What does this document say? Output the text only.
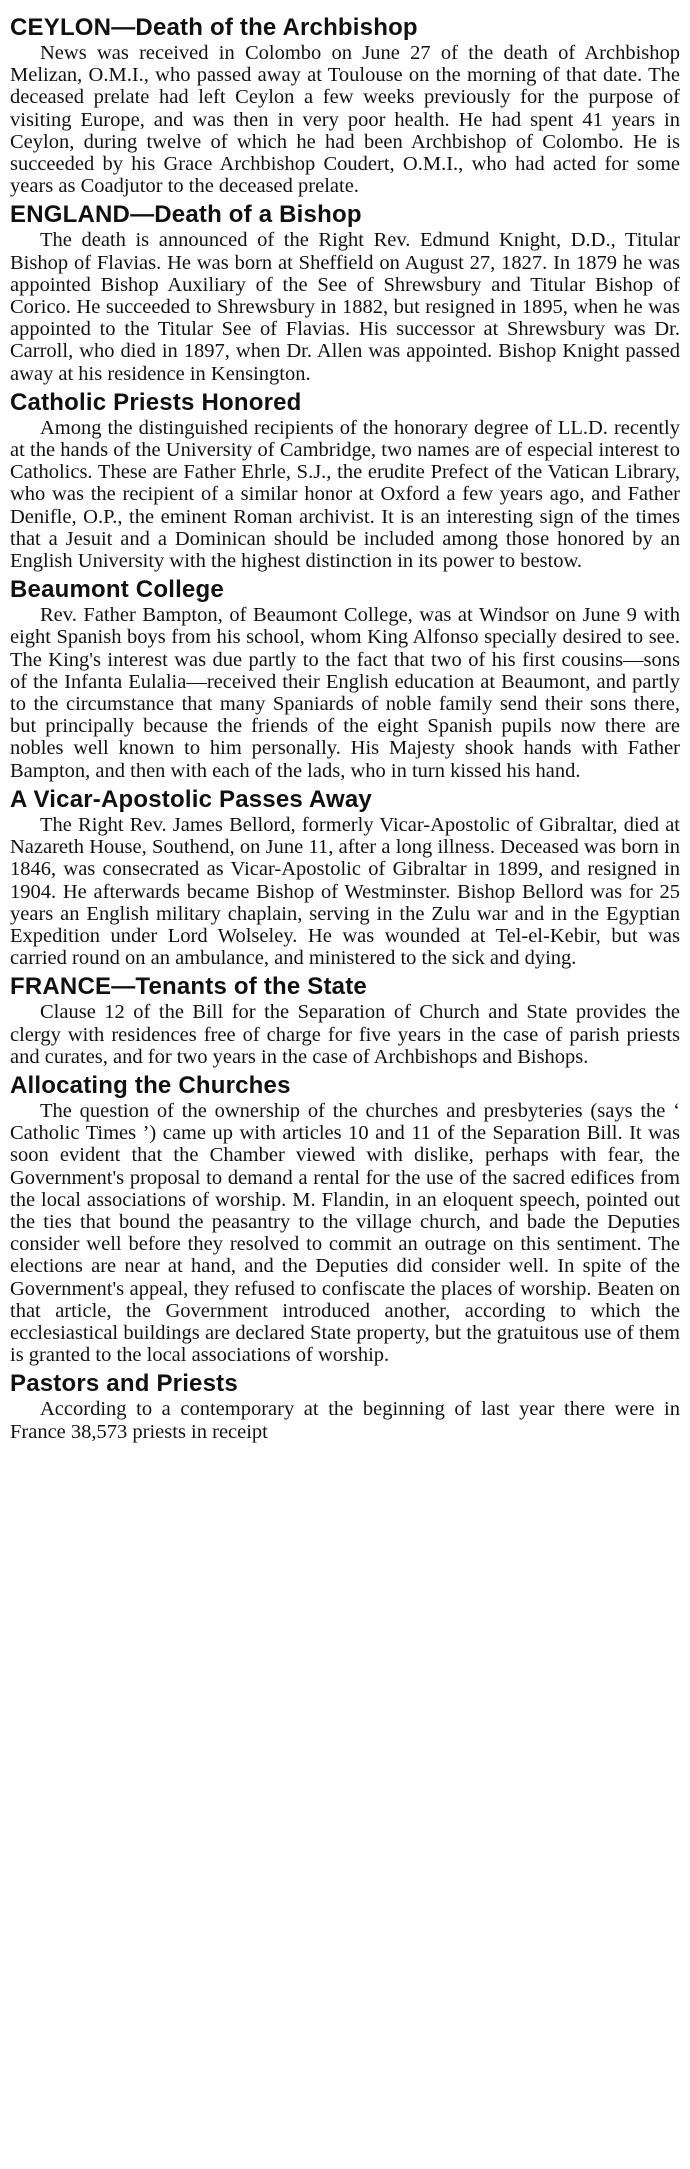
CEYLON—Death of the Archbishop

News was received in Colombo on June 27 of the death of Archbishop Melizan, O.M.I., who passed away at Toulouse on the morning of that date. The deceased prelate had left Ceylon a few weeks previously for the purpose of visiting Europe, and was then in very poor health. He had spent 41 years in Ceylon, during twelve of which he had been Archbishop of Colombo. He is succeeded by his Grace Archbishop Coudert, O.M.I., who had acted for some years as Coadjutor to the deceased prelate.

ENGLAND—Death of a Bishop

The death is announced of the Right Rev. Edmund Knight, D.D., Titular Bishop of Flavias. He was born at Sheffield on August 27, 1827. In 1879 he was appointed Bishop Auxiliary of the See of Shrewsbury and Titular Bishop of Corico. He succeeded to Shrewsbury in 1882, but resigned in 1895, when he was appointed to the Titular See of Flavias. His successor at Shrewsbury was Dr. Carroll, who died in 1897, when Dr. Allen was appointed. Bishop Knight passed away at his residence in Kensington.

Catholic Priests Honored

Among the distinguished recipients of the honorary degree of LL.D. recently at the hands of the University of Cambridge, two names are of especial interest to Catholics. These are Father Ehrle, S.J., the erudite Prefect of the Vatican Library, who was the recipient of a similar honor at Oxford a few years ago, and Father Denifle, O.P., the eminent Roman archivist. It is an interesting sign of the times that a Jesuit and a Dominican should be included among those honored by an English University with the highest distinction in its power to bestow.

Beaumont College

Rev. Father Bampton, of Beaumont College, was at Windsor on June 9 with eight Spanish boys from his school, whom King Alfonso specially desired to see. The King's interest was due partly to the fact that two of his first cousins—sons of the Infanta Eulalia—received their English education at Beaumont, and partly to the circumstance that many Spaniards of noble family send their sons there, but principally because the friends of the eight Spanish pupils now there are nobles well known to him personally. His Majesty shook hands with Father Bampton, and then with each of the lads, who in turn kissed his hand.

A Vicar-Apostolic Passes Away

The Right Rev. James Bellord, formerly Vicar-Apostolic of Gibraltar, died at Nazareth House, Southend, on June 11, after a long illness. Deceased was born in 1846, was consecrated as Vicar-Apostolic of Gibraltar in 1899, and resigned in 1904. He afterwards became Bishop of Westminster. Bishop Bellord was for 25 years an English military chaplain, serving in the Zulu war and in the Egyptian Expedition under Lord Wolseley. He was wounded at Tel-el-Kebir, but was carried round on an ambulance, and ministered to the sick and dying.

FRANCE—Tenants of the State

Clause 12 of the Bill for the Separation of Church and State provides the clergy with residences free of charge for five years in the case of parish priests and curates, and for two years in the case of Archbishops and Bishops.

Allocating the Churches

The question of the ownership of the churches and presbyteries (says the ‘ Catholic Times ’) came up with articles 10 and 11 of the Separation Bill. It was soon evident that the Chamber viewed with dislike, perhaps with fear, the Government's proposal to demand a rental for the use of the sacred edifices from the local associations of worship. M. Flandin, in an eloquent speech, pointed out the ties that bound the peasantry to the village church, and bade the Deputies consider well before they resolved to commit an outrage on this sentiment. The elections are near at hand, and the Deputies did consider well. In spite of the Government's appeal, they refused to confiscate the places of worship. Beaten on that article, the Government introduced another, according to which the ecclesiastical buildings are declared State property, but the gratuitous use of them is granted to the local associations of worship.

Pastors and Priests

According to a contemporary at the beginning of last year there were in France 38,573 priests in receipt
